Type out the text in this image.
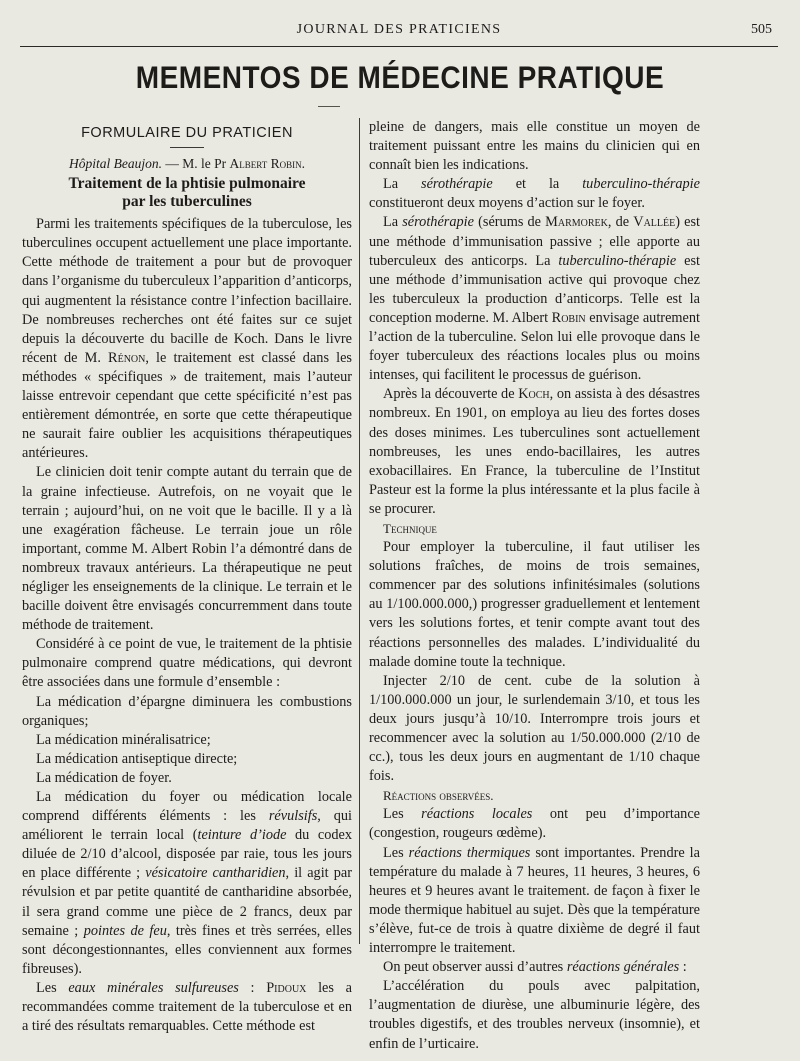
JOURNAL DES PRATICIENS	505
MEMENTOS DE MÉDECINE PRATIQUE
FORMULAIRE DU PRATICIEN
Hôpital Beaujon. — M. le Pr Albert Robin.
Traitement de la phtisie pulmonaire
par les tuberculines

Parmi les traitements spécifiques de la tuberculose, les tuberculines occupent actuellement une place importante. Cette méthode de traitement a pour but de provoquer dans l’organisme du tuberculeux l’apparition d’anticorps, qui augmentent la résistance contre l’infection bacillaire. De nombreuses recherches ont été faites sur ce sujet depuis la découverte du bacille de Koch. Dans le livre récent de M. Rénon, le traitement est classé dans les méthodes « spécifiques » de traitement, mais l’auteur laisse entrevoir cependant que cette spécificité n’est pas entièrement démontrée, en sorte que cette thérapeutique ne saurait faire oublier les acquisitions thérapeutiques antérieures.

Le clinicien doit tenir compte autant du terrain que de la graine infectieuse. Autrefois, on ne voyait que le terrain ; aujourd’hui, on ne voit que le bacille. Il y a là une exagération fâcheuse. Le terrain joue un rôle important, comme M. Albert Robin l’a démontré dans de nombreux travaux antérieurs. La thérapeutique ne peut négliger les enseignements de la clinique. Le terrain et le bacille doivent être envisagés concurremment dans toute méthode de traitement.

Considéré à ce point de vue, le traitement de la phtisie pulmonaire comprend quatre médications, qui devront être associées dans une formule d’ensemble :

La médication d’épargne diminuera les combustions organiques;

La médication minéralisatrice;

La médication antiseptique directe;

La médication de foyer.

La médication du foyer ou médication locale comprend différents éléments : les révulsifs, qui améliorent le terrain local (teinture d’iode du codex diluée de 2/10 d’alcool, disposée par raie, tous les jours en place différente ; vésicatoire cantharidien, il agit par révulsion et par petite quantité de cantharidine absorbée, il sera grand comme une pièce de 2 francs, deux par semaine ; pointes de feu, très fines et très serrées, elles sont décongestionnantes, elles conviennent aux formes fibreuses).

Les eaux minérales sulfureuses : Pidoux les a recommandées comme traitement de la tuberculose et en a tiré des résultats remarquables. Cette méthode est

pleine de dangers, mais elle constitue un moyen de traitement puissant entre les mains du clinicien qui en connaît bien les indications.

La sérothérapie et la tuberculino-thérapie constitueront deux moyens d’action sur le foyer.

La sérothérapie (sérums de Marmorek, de Vallée) est une méthode d’immunisation passive ; elle apporte au tuberculeux des anticorps. La tuberculino-thérapie est une méthode d’immunisation active qui provoque chez les tuberculeux la production d’anticorps. Telle est la conception moderne. M. Albert Robin envisage autrement l’action de la tuberculine. Selon lui elle provoque dans le foyer tuberculeux des réactions locales plus ou moins intenses, qui facilitent le processus de guérison.

Après la découverte de Koch, on assista à des désastres nombreux. En 1901, on employa au lieu des fortes doses des doses minimes. Les tuberculines sont actuellement nombreuses, les unes endo-bacillaires, les autres exobacillaires. En France, la tuberculine de l’Institut Pasteur est la forme la plus intéressante et la plus facile à se procurer.

Technique

Pour employer la tuberculine, il faut utiliser les solutions fraîches, de moins de trois semaines, commencer par des solutions infinitésimales (solutions au 1/100.000.000,) progresser graduellement et lentement vers les solutions fortes, et tenir compte avant tout des réactions personnelles des malades. L’individualité du malade domine toute la technique.

Injecter 2/10 de cent. cube de la solution à 1/100.000.000 un jour, le surlendemain 3/10, et tous les deux jours jusqu’à 10/10. Interrompre trois jours et recommencer avec la solution au 1/50.000.000 (2/10 de cc.), tous les deux jours en augmentant de 1/10 chaque fois.

Réactions observées.

Les réactions locales ont peu d’importance (congestion, rougeurs œdème).

Les réactions thermiques sont importantes. Prendre la température du malade à 7 heures, 11 heures, 3 heures, 6 heures et 9 heures avant le traitement. de façon à fixer le mode thermique habituel au sujet. Dès que la température s’élève, fut-ce de trois à quatre dixième de degré il faut interrompre le traitement.

On peut observer aussi d’autres réactions générales :

L’accélération du pouls avec palpitation, l’augmentation de diurèse, une albuminurie légère, des troubles digestifs, et des troubles nerveux (insomnie), et enfin de l’urticaire.
